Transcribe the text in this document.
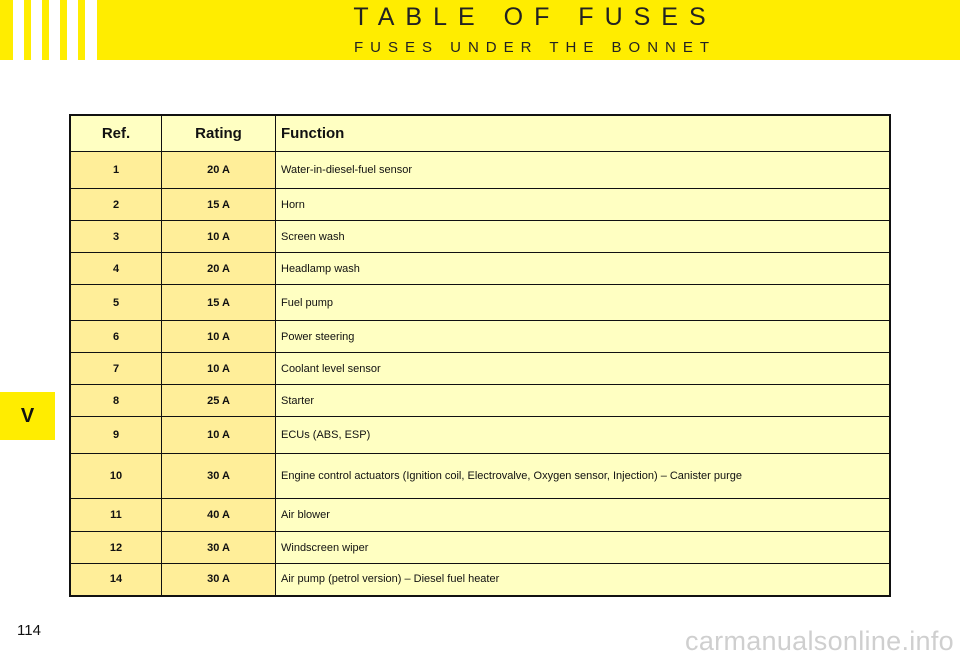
TABLE OF FUSES
FUSES UNDER THE BONNET
V
Ref.	Rating	Function
1	20 A	Water-in-diesel-fuel sensor
2	15 A	Horn
3	10 A	Screen wash
4	20 A	Headlamp wash
5	15 A	Fuel pump
6	10 A	Power steering
7	10 A	Coolant level sensor
8	25 A	Starter
9	10 A	ECUs (ABS, ESP)
10	30 A	Engine control actuators (Ignition coil, Electrovalve, Oxygen sensor, Injection) – Canister purge
11	40 A	Air blower
12	30 A	Windscreen wiper
14	30 A	Air pump (petrol version) – Diesel fuel heater
114	carmanualsonline.info
